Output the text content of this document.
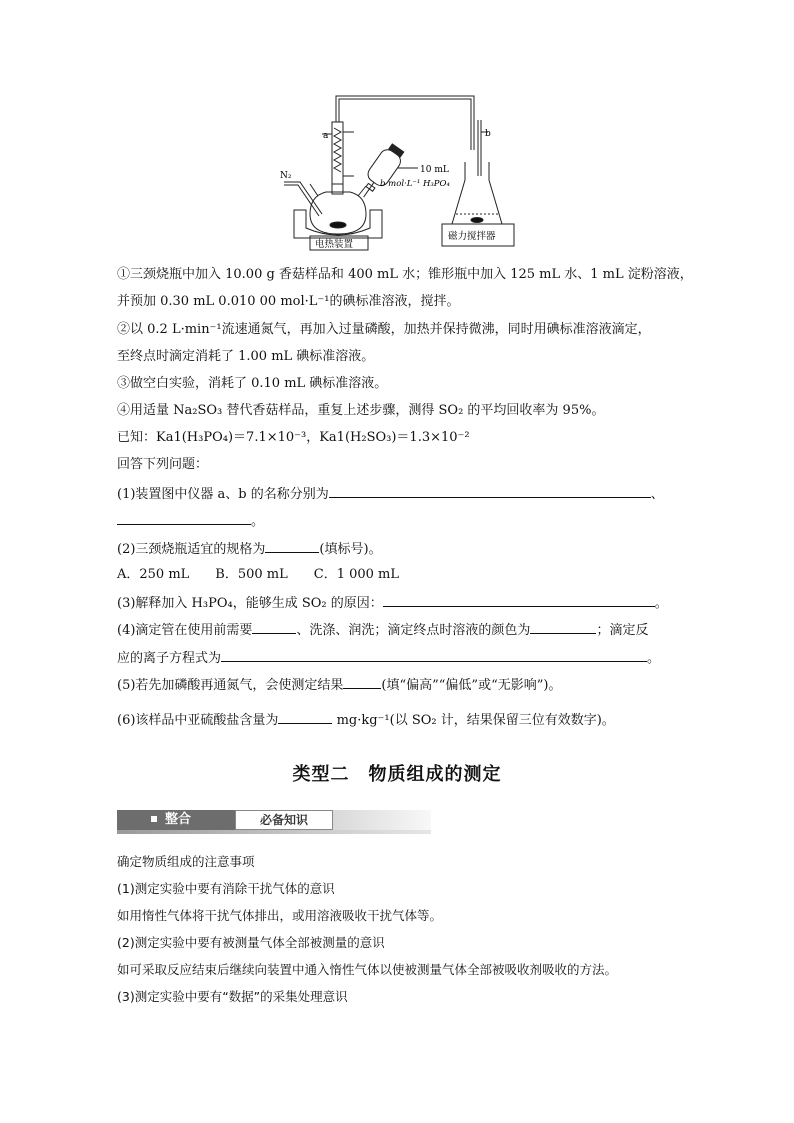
a	b
N₂
10 mL
b mol·L⁻¹ H₃PO₄
电热装置
磁力搅拌器
①三颈烧瓶中加入 10.00 g 香菇样品和 400 mL 水；锥形瓶中加入 125 mL 水、1 mL 淀粉溶液，
并预加 0.30 mL 0.010 00 mol·L⁻¹的碘标准溶液，搅拌。
②以 0.2 L·min⁻¹流速通氮气，再加入过量磷酸，加热并保持微沸，同时用碘标准溶液滴定，
至终点时滴定消耗了 1.00 mL 碘标准溶液。
③做空白实验，消耗了 0.10 mL 碘标准溶液。
④用适量 Na₂SO₃ 替代香菇样品，重复上述步骤，测得 SO₂ 的平均回收率为 95%。
已知：Ka1(H₃PO₄)＝7.1×10⁻³，Ka1(H₂SO₃)＝1.3×10⁻²
回答下列问题：
(1)装置图中仪器 a、b 的名称分别为	、
。
(2)三颈烧瓶适宜的规格为	(填标号)。
A．250 mL　　B．500 mL　　C．1 000 mL
(3)解释加入 H₃PO₄，能够生成 SO₂ 的原因：	。
(4)滴定管在使用前需要	、洗涤、润洗；滴定终点时溶液的颜色为	；滴定反
应的离子方程式为	。
(5)若先加磷酸再通氮气，会使测定结果	(填“偏高”“偏低”或“无影响”)。
(6)该样品中亚硫酸盐含量为	mg·kg⁻¹(以 SO₂ 计，结果保留三位有效数字)。
类型二　物质组成的测定
整合	必备知识
确定物质组成的注意事项
(1)测定实验中要有消除干扰气体的意识
如用惰性气体将干扰气体排出，或用溶液吸收干扰气体等。
(2)测定实验中要有被测量气体全部被测量的意识
如可采取反应结束后继续向装置中通入惰性气体以使被测量气体全部被吸收剂吸收的方法。
(3)测定实验中要有“数据”的采集处理意识
